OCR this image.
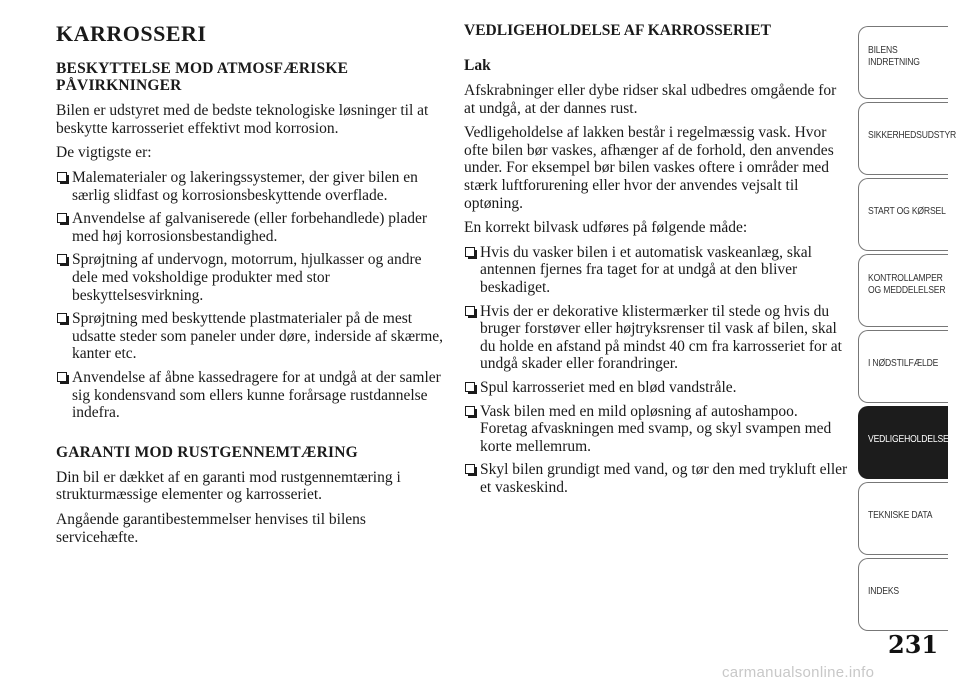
KARROSSERI
BESKYTTELSE MOD ATMOSFÆRISKE PÅVIRKNINGER

Bilen er udstyret med de bedste teknologiske løsninger til at beskytte karrosseriet effektivt mod korrosion.

De vigtigste er:

Malematerialer og lakeringssystemer, der giver bilen en særlig slidfast og korrosionsbeskyttende overflade.
Anvendelse af galvaniserede (eller forbehandlede) plader med høj korrosionsbestandighed.
Sprøjtning af undervogn, motorrum, hjulkasser og andre dele med voksholdige produkter med stor beskyttelsesvirkning.
Sprøjtning med beskyttende plastmaterialer på de mest udsatte steder som paneler under døre, inderside af skærme, kanter etc.
Anvendelse af åbne kassedragere for at undgå at der samler sig kondensvand som ellers kunne forårsage rustdannelse indefra.
GARANTI MOD RUSTGENNEMTÆRING

Din bil er dækket af en garanti mod rustgennemtæring i strukturmæssige elementer og karrosseriet.

Angående garantibestemmelser henvises til bilens servicehæfte.

VEDLIGEHOLDELSE AF KARROSSERIET
Lak

Afskrabninger eller dybe ridser skal udbedres omgående for at undgå, at der dannes rust.

Vedligeholdelse af lakken består i regelmæssig vask. Hvor ofte bilen bør vaskes, afhænger af de forhold, den anvendes under. For eksempel bør bilen vaskes oftere i områder med stærk luftforurening eller hvor der anvendes vejsalt til optøning.

En korrekt bilvask udføres på følgende måde:

Hvis du vasker bilen i et automatisk vaskeanlæg, skal antennen fjernes fra taget for at undgå at den bliver beskadiget.
Hvis der er dekorative klistermærker til stede og hvis du bruger forstøver eller højtryksrenser til vask af bilen, skal du holde en afstand på mindst 40 cm fra karrosseriet for at undgå skader eller forandringer.
Spul karrosseriet med en blød vandstråle.
Vask bilen med en mild opløsning af autoshampoo. Foretag afvaskningen med svamp, og skyl svampen med korte mellemrum.
Skyl bilen grundigt med vand, og tør den med trykluft eller et vaskeskind.
BILENS
INDRETNING
SIKKERHEDSUDSTYR
START OG KØRSEL
KONTROLLAMPER
OG MEDDELELSER
I NØDSTILFÆLDE
VEDLIGEHOLDELSE
TEKNISKE DATA
INDEKS
231
carmanualsonline.info
